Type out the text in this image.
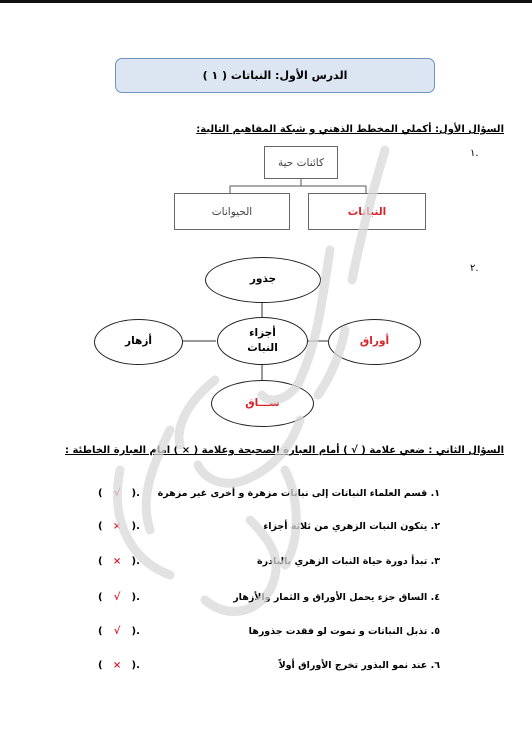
الدرس الأول: النباتات ( ١ )
السؤال الأول: أكملي المخطط الذهني و شبكة المفاهيم التالية:
١.
كائنات حية
النباتات
الحيوانات
٢.
جذور
أزهار
أجزاء
النبات
أوراق
ســـاق
السؤال الثاني : ضعي علامة ( √ ) أمام العبارة الصحيحة وعلامة ( × ) امام العبارة الخاطئة :
١. قسم العلماء النباتات إلى نباتات مزهرة و أخرى غير مزهرة
( √ ).
٢. يتكون النبات الزهري من ثلاثة أجزاء
( × ).
٣. تبدأ دورة حياة النبات الزهري بالبادرة
( × ).
٤. الساق جزء يحمل الأوراق و الثمار والأزهار
( √ ).
٥. تذبل النباتات و تموت لو فقدت جذورها
( √ ).
٦. عند نمو البذور تخرج الأوراق أولاً
( × ).
